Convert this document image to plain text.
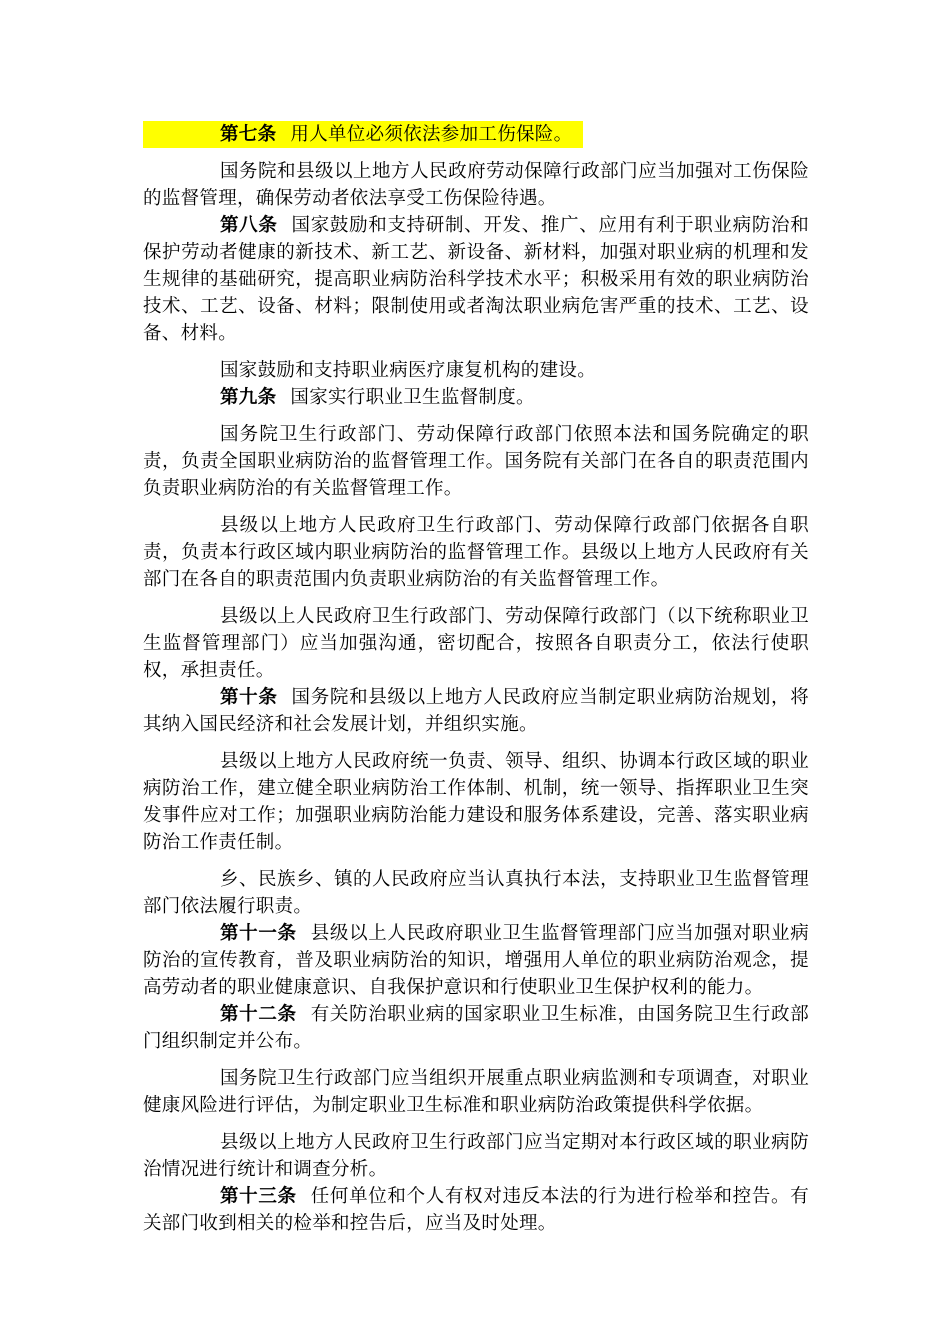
第七条 用人单位必须依法参加工伤保险。

国务院和县级以上地方人民政府劳动保障行政部门应当加强对工伤保险的监督管理，确保劳动者依法享受工伤保险待遇。

第八条 国家鼓励和支持研制、开发、推广、应用有利于职业病防治和保护劳动者健康的新技术、新工艺、新设备、新材料，加强对职业病的机理和发生规律的基础研究，提高职业病防治科学技术水平；积极采用有效的职业病防治技术、工艺、设备、材料；限制使用或者淘汰职业病危害严重的技术、工艺、设备、材料。

国家鼓励和支持职业病医疗康复机构的建设。

第九条 国家实行职业卫生监督制度。

国务院卫生行政部门、劳动保障行政部门依照本法和国务院确定的职责，负责全国职业病防治的监督管理工作。国务院有关部门在各自的职责范围内负责职业病防治的有关监督管理工作。

县级以上地方人民政府卫生行政部门、劳动保障行政部门依据各自职责，负责本行政区域内职业病防治的监督管理工作。县级以上地方人民政府有关部门在各自的职责范围内负责职业病防治的有关监督管理工作。

县级以上人民政府卫生行政部门、劳动保障行政部门（以下统称职业卫生监督管理部门）应当加强沟通，密切配合，按照各自职责分工，依法行使职权，承担责任。

第十条 国务院和县级以上地方人民政府应当制定职业病防治规划，将其纳入国民经济和社会发展计划，并组织实施。

县级以上地方人民政府统一负责、领导、组织、协调本行政区域的职业病防治工作，建立健全职业病防治工作体制、机制，统一领导、指挥职业卫生突发事件应对工作；加强职业病防治能力建设和服务体系建设，完善、落实职业病防治工作责任制。

乡、民族乡、镇的人民政府应当认真执行本法，支持职业卫生监督管理部门依法履行职责。

第十一条 县级以上人民政府职业卫生监督管理部门应当加强对职业病防治的宣传教育，普及职业病防治的知识，增强用人单位的职业病防治观念，提高劳动者的职业健康意识、自我保护意识和行使职业卫生保护权利的能力。

第十二条 有关防治职业病的国家职业卫生标准，由国务院卫生行政部门组织制定并公布。

国务院卫生行政部门应当组织开展重点职业病监测和专项调查，对职业健康风险进行评估，为制定职业卫生标准和职业病防治政策提供科学依据。

县级以上地方人民政府卫生行政部门应当定期对本行政区域的职业病防治情况进行统计和调查分析。

第十三条 任何单位和个人有权对违反本法的行为进行检举和控告。有关部门收到相关的检举和控告后，应当及时处理。
